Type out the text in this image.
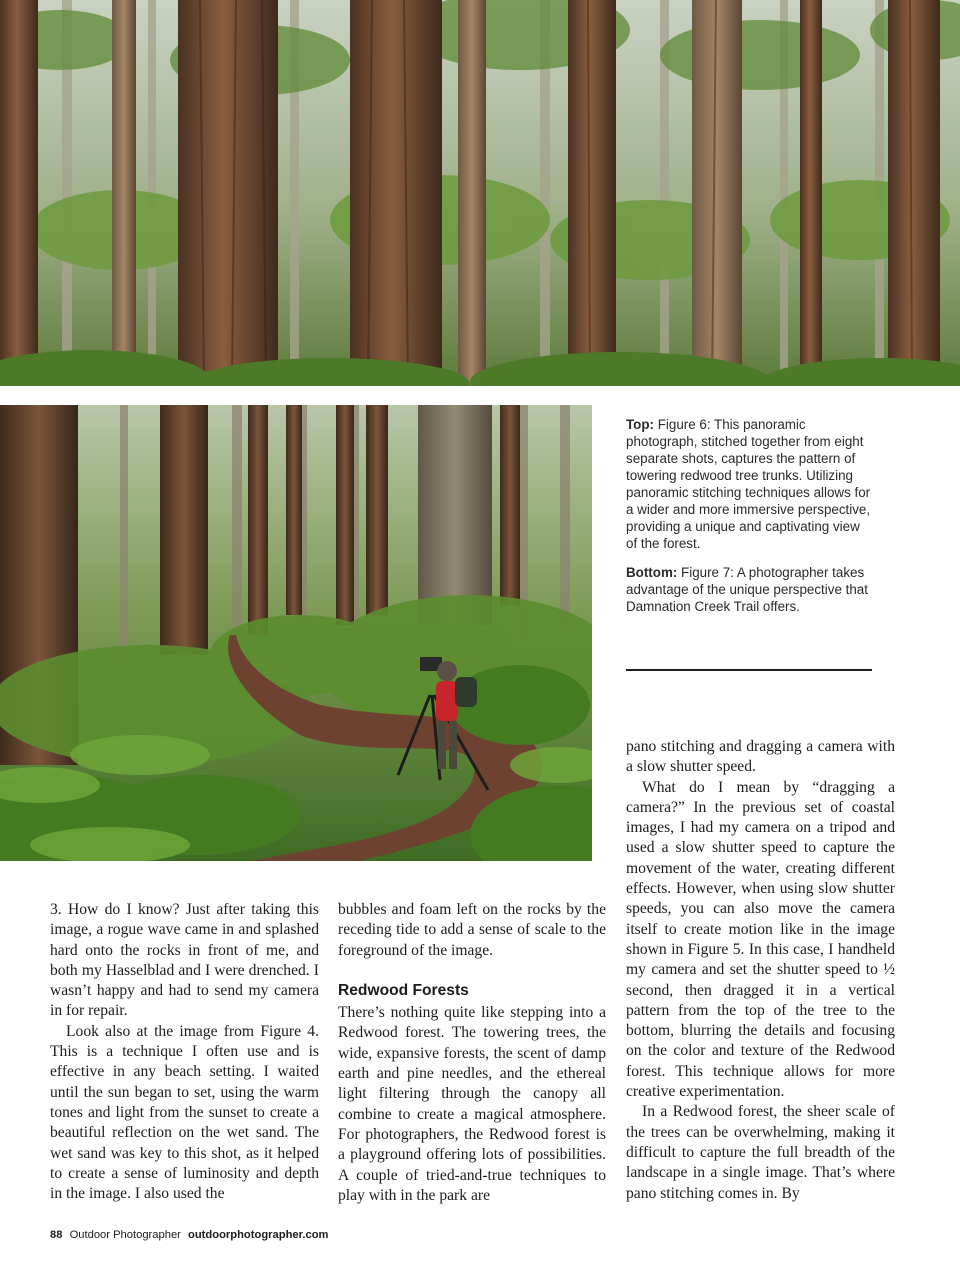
Top: Figure 6: This panoramic photograph, stitched together from eight separate shots, captures the pattern of towering redwood tree trunks. Utilizing panoramic stitching techniques allows for a wider and more immersive perspective, providing a unique and captivating view of the forest.

Bottom: Figure 7: A photographer takes advantage of the unique perspective that Damnation Creek Trail offers.

3. How do I know? Just after taking this image, a rogue wave came in and splashed hard onto the rocks in front of me, and both my Hasselblad and I were drenched. I wasn’t happy and had to send my camera in for repair.

Look also at the image from Figure 4. This is a technique I often use and is effective in any beach setting. I waited until the sun began to set, using the warm tones and light from the sunset to create a beautiful reflection on the wet sand. The wet sand was key to this shot, as it helped to create a sense of luminosity and depth in the image. I also used the

bubbles and foam left on the rocks by the receding tide to add a sense of scale to the foreground of the image.

Redwood Forests

There’s nothing quite like stepping into a Redwood forest. The towering trees, the wide, expansive forests, the scent of damp earth and pine needles, and the ethereal light filtering through the canopy all combine to create a magical atmosphere. For photographers, the Redwood forest is a playground offering lots of possibilities. A couple of tried-and-true techniques to play with in the park are

pano stitching and dragging a camera with a slow shutter speed.

What do I mean by “dragging a camera?” In the previous set of coastal images, I had my camera on a tripod and used a slow shutter speed to capture the movement of the water, creating different effects. However, when using slow shutter speeds, you can also move the camera itself to create motion like in the image shown in Figure 5. In this case, I handheld my camera and set the shutter speed to ½ second, then dragged it in a vertical pattern from the top of the tree to the bottom, blurring the details and focusing on the color and texture of the Redwood forest. This technique allows for more creative experimentation.

In a Redwood forest, the sheer scale of the trees can be overwhelming, making it difficult to capture the full breadth of the landscape in a single image. That’s where pano stitching comes in. By

88 Outdoor Photographer outdoorphotographer.com
